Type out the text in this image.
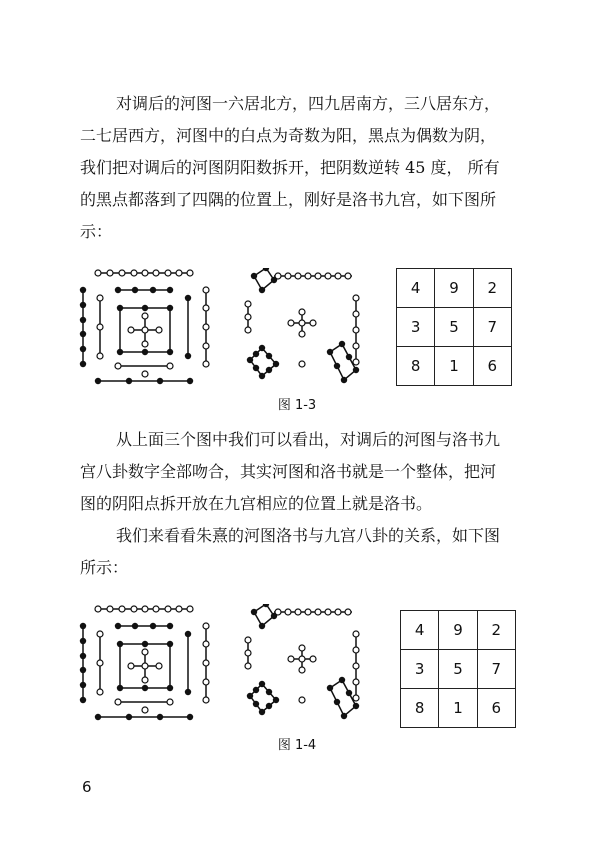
对调后的河图一六居北方，四九居南方，三八居东方，
二七居西方，河图中的白点为奇数为阳，黑点为偶数为阴，
我们把对调后的河图阴阳数拆开，把阴数逆转 45 度， 所有
的黑点都落到了四隅的位置上，刚好是洛书九宫，如下图所
示：
4	9	2
3	5	7
8	1	6
图 1-3
从上面三个图中我们可以看出，对调后的河图与洛书九
宫八卦数字全部吻合，其实河图和洛书就是一个整体，把河
图的阴阳点拆开放在九宫相应的位置上就是洛书。
我们来看看朱熹的河图洛书与九宫八卦的关系，如下图
所示：
4	9	2
3	5	7
8	1	6
图 1-4
6
